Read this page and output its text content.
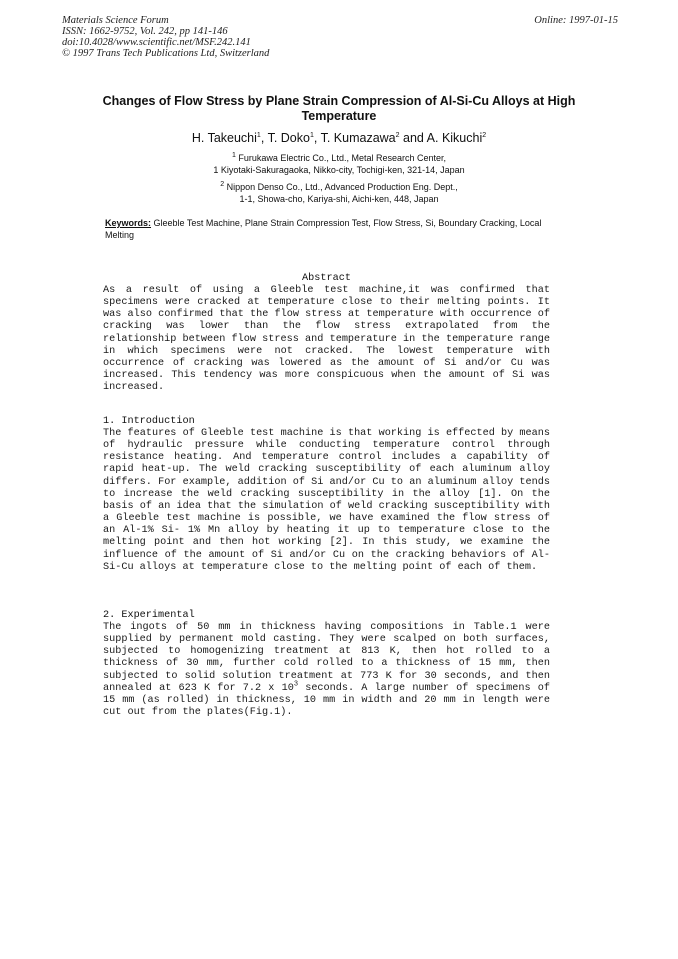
Materials Science Forum
ISSN: 1662-9752, Vol. 242, pp 141-146
doi:10.4028/www.scientific.net/MSF.242.141
© 1997 Trans Tech Publications Ltd, Switzerland
Online: 1997-01-15
Changes of Flow Stress by Plane Strain Compression of Al-Si-Cu Alloys at High Temperature
H. Takeuchi$^1$, T. Doko$^1$, T. Kumazawa$^2$ and A. Kikuchi$^2$
$^1$ Furukawa Electric Co., Ltd., Metal Research Center,
1 Kiyotaki-Sakuragaoka, Nikko-city, Tochigi-ken, 321-14, Japan
$^2$ Nippon Denso Co., Ltd., Advanced Production Eng. Dept.,
1-1, Showa-cho, Kariya-shi, Aichi-ken, 448, Japan
Keywords: Gleeble Test Machine, Plane Strain Compression Test, Flow Stress, Si, Boundary Cracking, Local Melting
Abstract
As a result of using a Gleeble test machine,it was confirmed that specimens were cracked at temperature close to their melting points. It was also confirmed that the flow stress at temperature with occurrence of cracking was lower than the flow stress extrapolated from the relationship between flow stress and temperature in the temperature range in which specimens were not cracked. The lowest temperature with occurrence of cracking was lowered as the amount of Si and/or Cu was increased. This tendency was more conspicuous when the amount of Si was increased.
1. Introduction
The features of Gleeble test machine is that working is effected by means of hydraulic pressure while conducting temperature control through resistance heating. And temperature control includes a capability of rapid heat-up. The weld cracking susceptibility of each aluminum alloy differs. For example, addition of Si and/or Cu to an aluminum alloy tends to increase the weld cracking susceptibility in the alloy [1]. On the basis of an idea that the simulation of weld cracking susceptibility with a Gleeble test machine is possible, we have examined the flow stress of an Al-1% Si- 1% Mn alloy by heating it up to temperature close to the melting point and then hot working [2]. In this study, we examine the influence of the amount of Si and/or Cu on the cracking behaviors of Al-Si-Cu alloys at temperature close to the melting point of each of them.
2. Experimental
The ingots of 50 mm in thickness having compositions in Table.1 were supplied by permanent mold casting. They were scalped on both surfaces, subjected to homogenizing treatment at 813 K, then hot rolled to a thickness of 30 mm, further cold rolled to a thickness of 15 mm, then subjected to solid solution treatment at 773 K for 30 seconds, and then annealed at 623 K for 7.2 x $10^3$ seconds. A large number of specimens of 15 mm (as rolled) in thickness, 10 mm in width and 20 mm in length were cut out from the plates(Fig.1).
